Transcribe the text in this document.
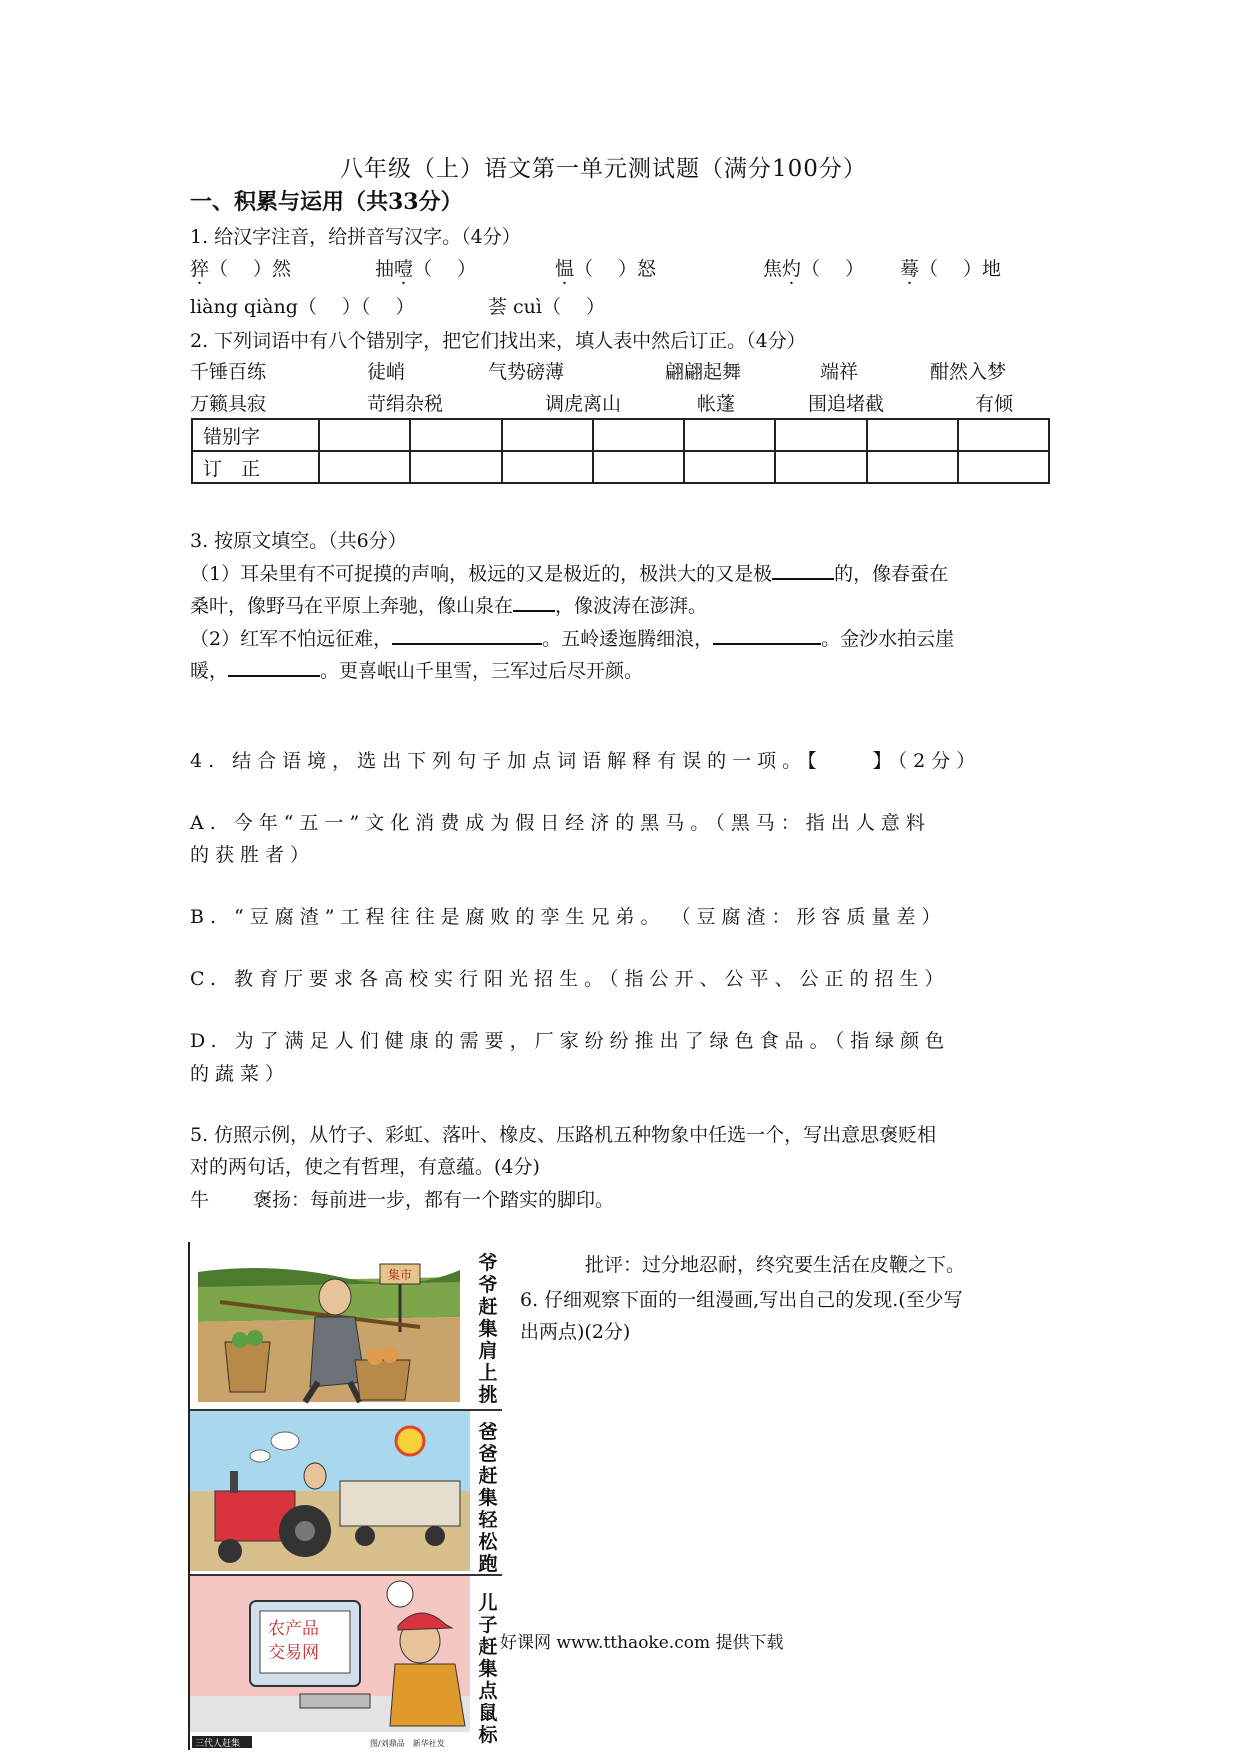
八年级（上）语文第一单元测试题（满分100分）
一、积累与运用（共33分）
1. 给汉字注音，给拼音写汉字。（4分）
猝（　 ）然	抽噎（　 ）	愠（　 ）怒	焦灼（　 ） 蓦（　 ）地
liàng qiàng（　 ）（　 ）	荟 cuì（　 ）
2. 下列词语中有八个错别字，把它们找出来，填人表中然后订正。（4分）
千锤百练	徒峭	气势磅薄	翩翩起舞	端祥	酣然入梦
万籁具寂	苛绢杂税	调虎离山	帐蓬	围追堵截	有倾
错别字								
订　正								
3. 按原文填空。（共6分）
（1）耳朵里有不可捉摸的声响，极远的又是极近的，极洪大的又是极	的，像春蚕在
桑叶，像野马在平原上奔驰，像山泉在 ，像波涛在澎湃。
（2）红军不怕远征难，	。五岭逶迤腾细浪，	。金沙水拍云崖
暖，	。更喜岷山千里雪，三军过后尽开颜。
4. 结合语境，选出下列句子加点词语解释有误的一项。【　　】（2分）
A. 今年“五一”文化消费成为假日经济的黑马。（黑马：指出人意料
的获胜者）
B. “豆腐渣”工程往往是腐败的孪生兄弟。　（豆腐渣：形容质量差）
C. 教育厅要求各高校实行阳光招生。（指公开、公平、公正的招生）
D. 为了满足人们健康的需要，厂家纷纷推出了绿色食品。（指绿颜色
的蔬菜）
5. 仿照示例，从竹子、彩虹、落叶、橡皮、压路机五种物象中任选一个，写出意思褒贬相
对的两句话，使之有哲理，有意蕴。(4分)
牛 褒扬：每前进一步，都有一个踏实的脚印。
批评：过分地忍耐，终究要生活在皮鞭之下。
6. 仔细观察下面的一组漫画,写出自己的发现.(至少写
出两点)(2分)
集市
爷爷赶集肩上挑
爸爸赶集轻松跑
农产品
交易网
三代人赶集	图/刘鼎品　新华社发
儿子赶集点鼠标
好课网 www.tthaoke.com 提供下载
